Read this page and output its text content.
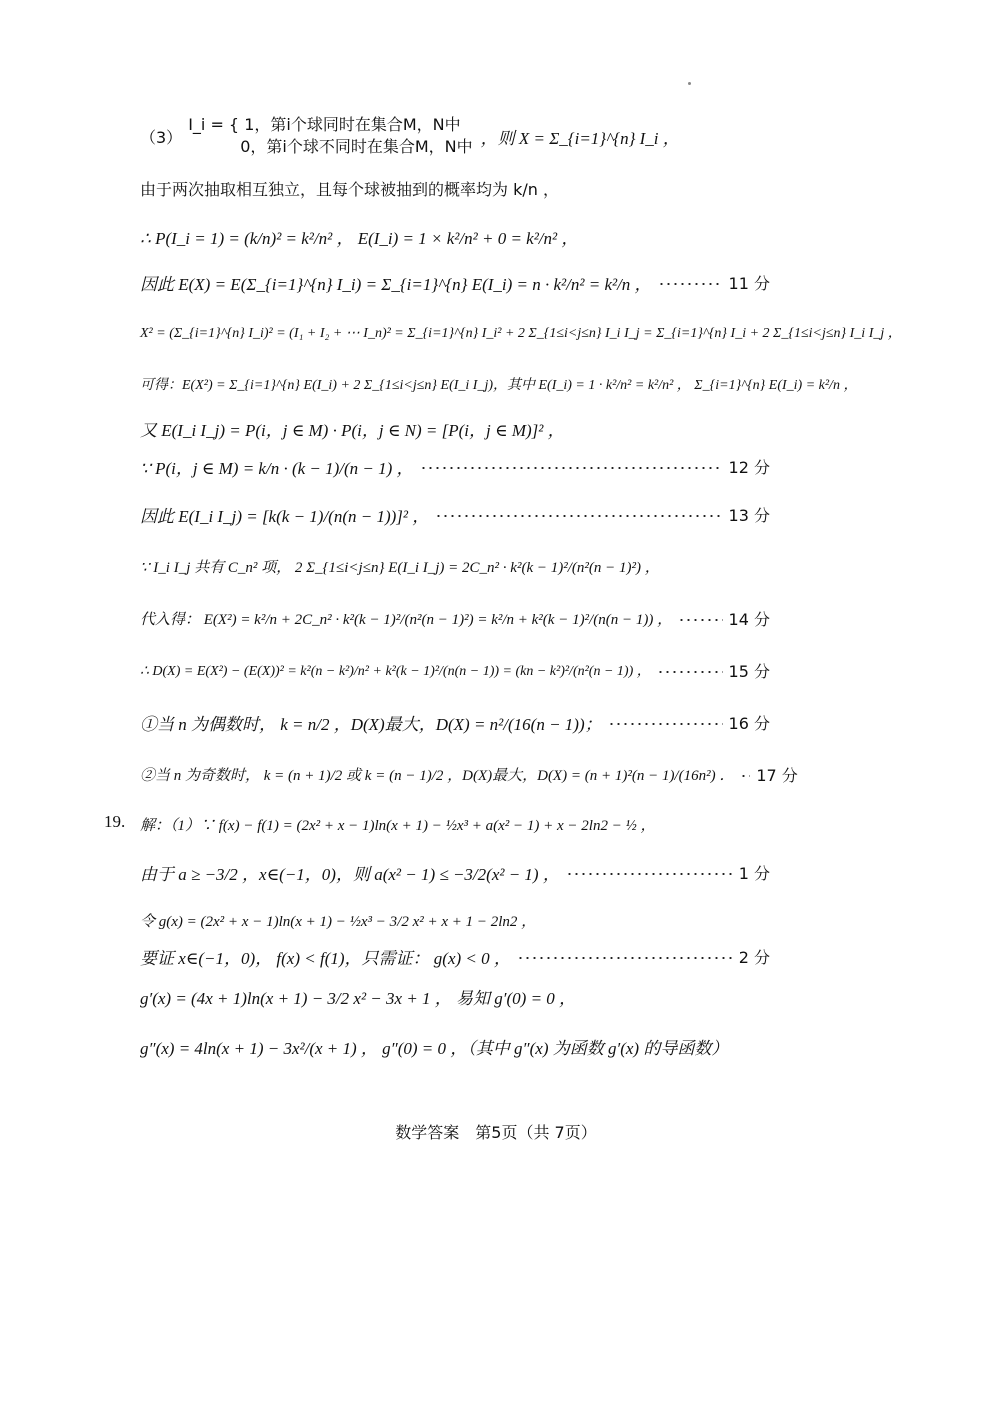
（3）
I_i = { 1，第i个球同时在集合M，N中
0，第i个球不同时在集合M，N中 ，则 X = Σ_{i=1}^{n} I_i ，
由于两次抽取相互独立，且每个球被抽到的概率均为 k/n ，
∴ P(I_i = 1) = (k/n)² = k²/n² ， E(I_i) = 1 × k²/n² + 0 = k²/n² ，
因此 E(X) = E(Σ_{i=1}^{n} I_i) = Σ_{i=1}^{n} E(I_i) = n · k²/n² = k²/n ，	11 分
X² = (Σ_{i=1}^{n} I_i)² = (I₁ + I₂ + ⋯ I_n)² = Σ_{i=1}^{n} I_i² + 2 Σ_{1≤i<j≤n} I_i I_j = Σ_{i=1}^{n} I_i + 2 Σ_{1≤i<j≤n} I_i I_j ，
可得：E(X²) = Σ_{i=1}^{n} E(I_i) + 2 Σ_{1≤i<j≤n} E(I_i I_j)，其中 E(I_i) = 1 · k²/n² = k²/n² ， Σ_{i=1}^{n} E(I_i) = k²/n ，
又 E(I_i I_j) = P(i，j ∈ M) · P(i，j ∈ N) = [P(i，j ∈ M)]² ，
∵ P(i，j ∈ M) = k/n · (k − 1)/(n − 1) ，	12 分
因此 E(I_i I_j) = [k(k − 1)/(n(n − 1))]² ，	13 分
∵ I_i I_j 共有 C_n² 项， 2 Σ_{1≤i<j≤n} E(I_i I_j) = 2C_n² · k²(k − 1)²/(n²(n − 1)²) ，
代入得： E(X²) = k²/n + 2C_n² · k²(k − 1)²/(n²(n − 1)²) = k²/n + k²(k − 1)²/(n(n − 1)) ，	14 分
∴ D(X) = E(X²) − (E(X))² = k²(n − k²)/n² + k²(k − 1)²/(n(n − 1)) = (kn − k²)²/(n²(n − 1)) ，	15 分
①当 n 为偶数时， k = n/2 ，D(X)最大，D(X) = n²/(16(n − 1))；	16 分
②当 n 为奇数时， k = (n + 1)/2 或 k = (n − 1)/2 ，D(X)最大，D(X) = (n + 1)²(n − 1)/(16n²) ． 17 分
19. 解：（1）∵ f(x) − f(1) = (2x² + x − 1)ln(x + 1) − ½x³ + a(x² − 1) + x − 2ln2 − ½ ，
由于 a ≥ −3/2 ，x∈(−1，0)，则 a(x² − 1) ≤ −3/2(x² − 1) ，	1 分
令 g(x) = (2x² + x − 1)ln(x + 1) − ½x³ − 3/2 x² + x + 1 − 2ln2 ，
要证 x∈(−1，0)， f(x) < f(1)，只需证： g(x) < 0 ，	2 分
g′(x) = (4x + 1)ln(x + 1) − 3/2 x² − 3x + 1 ， 易知 g′(0) = 0 ，
g″(x) = 4ln(x + 1) − 3x²/(x + 1) ， g″(0) = 0 ，（其中 g″(x) 为函数 g′(x) 的导函数）
数学答案　第5页（共 7页）
